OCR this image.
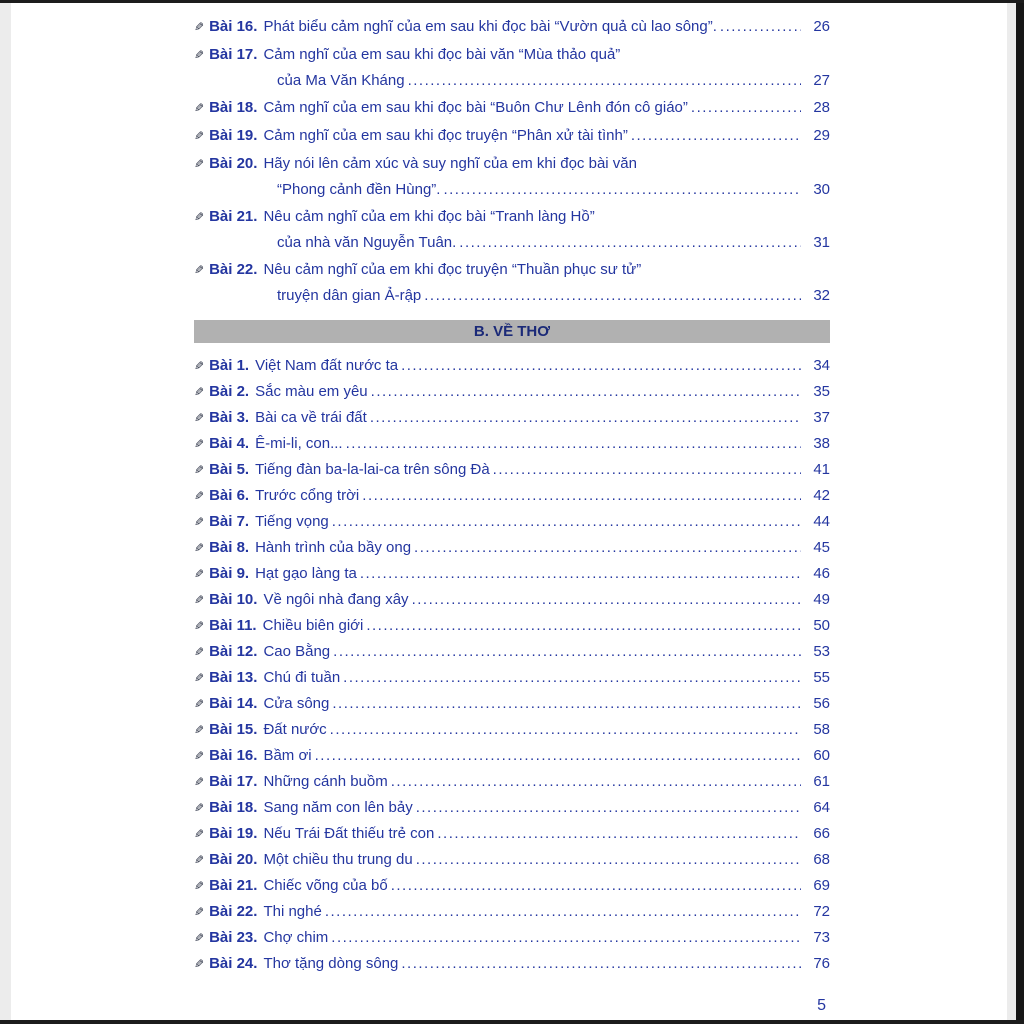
✎ Bài 16. Phát biểu cảm nghĩ của em sau khi đọc bài “Vườn quả cù lao sông”. .....	26
✎ Bài 17. Cảm nghĩ của em sau khi đọc bài văn “Mùa thảo quả”
của Ma Văn Kháng .....	27
✎ Bài 18. Cảm nghĩ của em sau khi đọc bài “Buôn Chư Lênh đón cô giáo” .....	28
✎ Bài 19. Cảm nghĩ của em sau khi đọc truyện “Phân xử tài tình” .....	29
✎ Bài 20. Hãy nói lên cảm xúc và suy nghĩ của em khi đọc bài văn
“Phong cảnh đền Hùng”. .....	30
✎ Bài 21. Nêu cảm nghĩ của em khi đọc bài “Tranh làng Hồ”
của nhà văn Nguyễn Tuân. .....	31
✎ Bài 22. Nêu cảm nghĩ của em khi đọc truyện “Thuần phục sư tử”
truyện dân gian Ả-rập .....	32
B. VỀ THƠ
✎ Bài 1. Việt Nam đất nước ta .....	34
✎ Bài 2. Sắc màu em yêu .....	35
✎ Bài 3. Bài ca về trái đất .....	37
✎ Bài 4. Ê-mi-li, con... .....	38
✎ Bài 5. Tiếng đàn ba-la-lai-ca trên sông Đà .....	41
✎ Bài 6. Trước cổng trời .....	42
✎ Bài 7. Tiếng vọng .....	44
✎ Bài 8. Hành trình của bầy ong .....	45
✎ Bài 9. Hạt gạo làng ta .....	46
✎ Bài 10. Về ngôi nhà đang xây .....	49
✎ Bài 11. Chiều biên giới .....	50
✎ Bài 12. Cao Bằng .....	53
✎ Bài 13. Chú đi tuần .....	55
✎ Bài 14. Cửa sông .....	56
✎ Bài 15. Đất nước .....	58
✎ Bài 16. Bầm ơi .....	60
✎ Bài 17. Những cánh buồm .....	61
✎ Bài 18. Sang năm con lên bảy .....	64
✎ Bài 19. Nếu Trái Đất thiếu trẻ con .....	66
✎ Bài 20. Một chiều thu trung du .....	68
✎ Bài 21. Chiếc võng của bố .....	69
✎ Bài 22. Thi nghé .....	72
✎ Bài 23. Chợ chim .....	73
✎ Bài 24. Thơ tặng dòng sông .....	76
5
